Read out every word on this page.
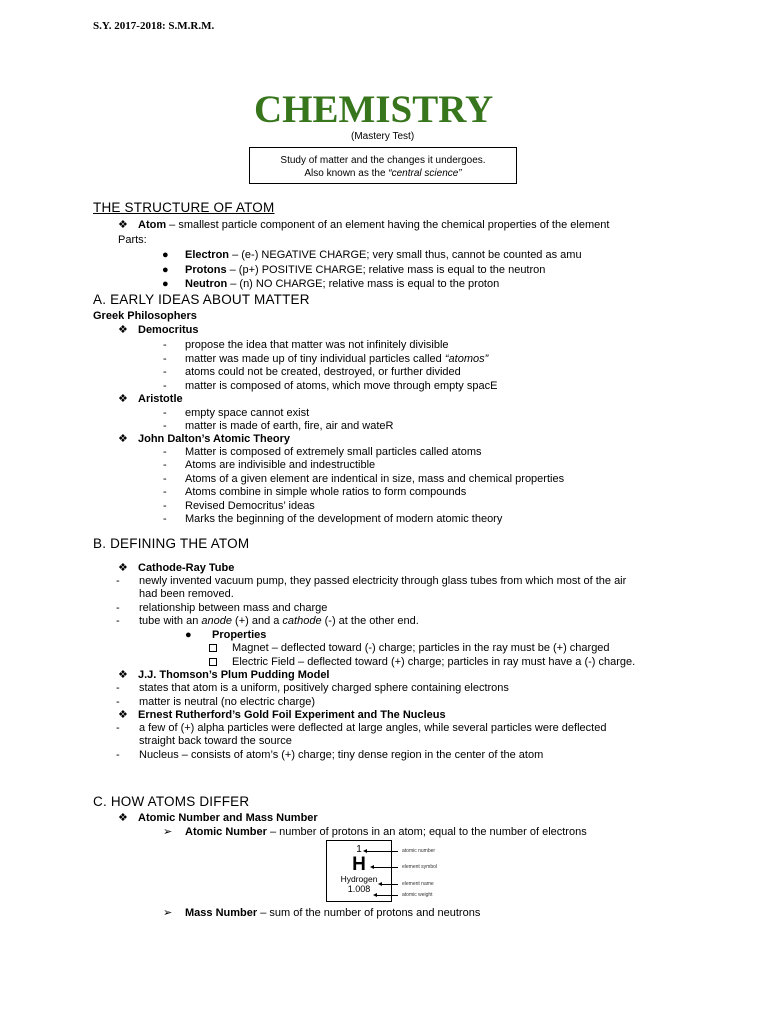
S.Y. 2017-2018: S.M.R.M.
CHEMISTRY
(Mastery Test)
Study of matter and the changes it undergoes.
Also known as the “central science”
THE STRUCTURE OF ATOM
❖ Atom – smallest particle component of an element having the chemical properties of the element
Parts:
● Electron – (e-) NEGATIVE CHARGE; very small thus, cannot be counted as amu
● Protons – (p+) POSITIVE CHARGE; relative mass is equal to the neutron
● Neutron – (n) NO CHARGE; relative mass is equal to the proton
A. EARLY IDEAS ABOUT MATTER
Greek Philosophers
❖ Democritus
- propose the idea that matter was not infinitely divisible
- matter was made up of tiny individual particles called “atomos”
- atoms could not be created, destroyed, or further divided
- matter is composed of atoms, which move through empty spacE
❖ Aristotle
- empty space cannot exist
- matter is made of earth, fire, air and wateR
❖ John Dalton’s Atomic Theory
- Matter is composed of extremely small particles called atoms
- Atoms are indivisible and indestructible
- Atoms of a given element are indentical in size, mass and chemical properties
- Atoms combine in simple whole ratios to form compounds
- Revised Democritus’ ideas
- Marks the beginning of the development of modern atomic theory
B. DEFINING THE ATOM
❖ Cathode-Ray Tube
- newly invented vacuum pump, they passed electricity through glass tubes from which most of the air
had been removed.
- relationship between mass and charge
- tube with an anode (+) and a cathode (-) at the other end.
● Properties
Magnet – deflected toward (-) charge; particles in the ray must be (+) charged
Electric Field – deflected toward (+) charge; particles in ray must have a (-) charge.
❖ J.J. Thomson’s Plum Pudding Model
- states that atom is a uniform, positively charged sphere containing electrons
- matter is neutral (no electric charge)
❖ Ernest Rutherford’s Gold Foil Experiment and The Nucleus
- a few of (+) alpha particles were deflected at large angles, while several particles were deflected
straight back toward the source
- Nucleus – consists of atom’s (+) charge; tiny dense region in the center of the atom
C. HOW ATOMS DIFFER
❖ Atomic Number and Mass Number
➢ Atomic Number – number of protons in an atom; equal to the number of electrons
1
H
Hydrogen
1.008
atomic number
element symbol
element name
atomic weight
➢ Mass Number – sum of the number of protons and neutrons
